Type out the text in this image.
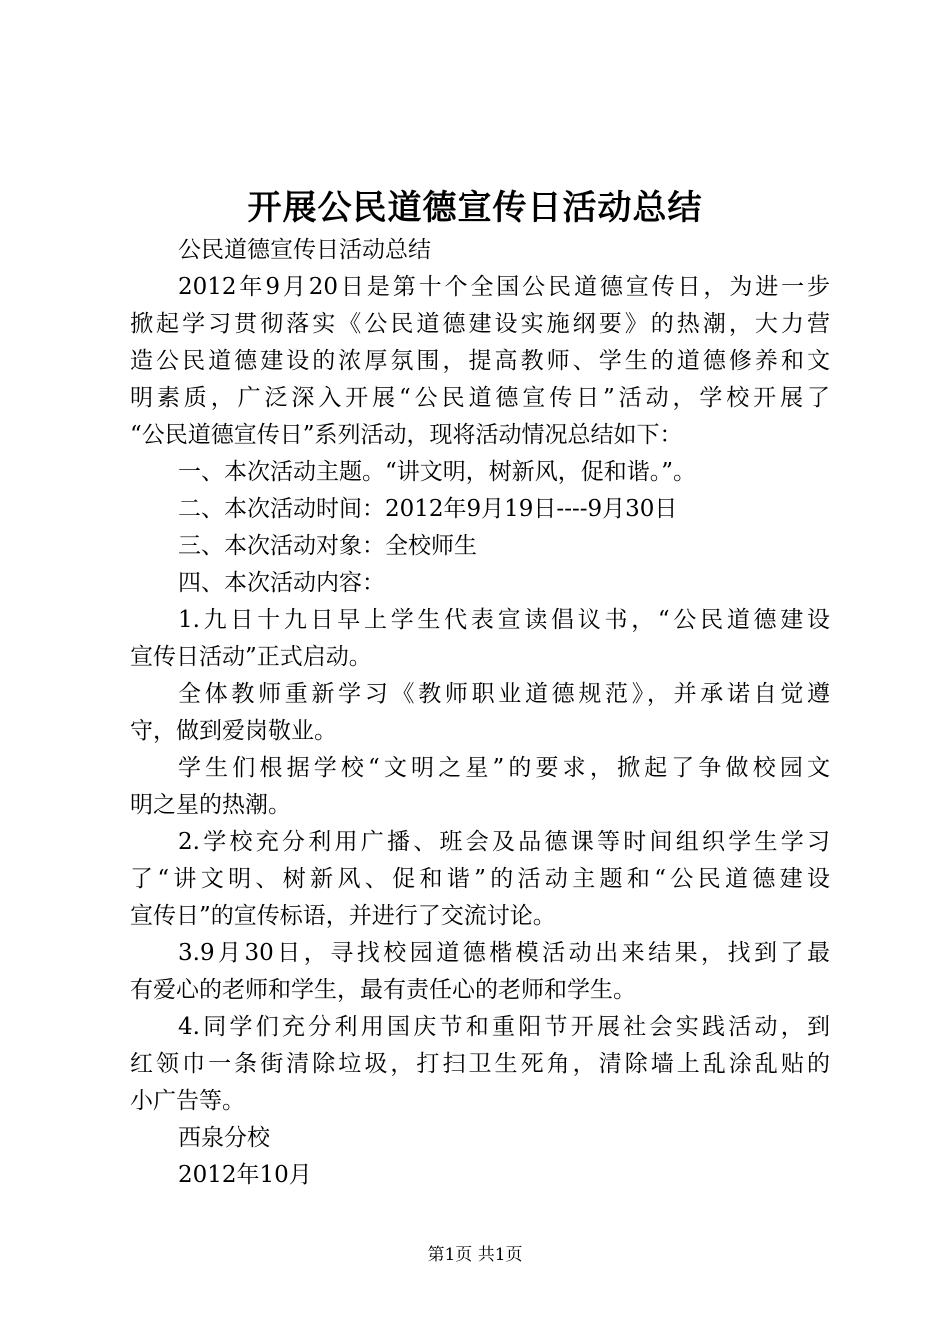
开展公民道德宣传日活动总结
公民道德宣传日活动总结
2012年9月20日是第十个全国公民道德宣传日，为进一步
掀起学习贯彻落实《公民道德建设实施纲要》的热潮，大力营
造公民道德建设的浓厚氛围，提高教师、学生的道德修养和文
明素质，广泛深入开展“公民道德宣传日”活动，学校开展了
“公民道德宣传日”系列活动，现将活动情况总结如下：
一、本次活动主题。“讲文明，树新风，促和谐。”。
二、本次活动时间：2012年9月19日----9月30日
三、本次活动对象：全校师生
四、本次活动内容：
1.九日十九日早上学生代表宣读倡议书，“公民道德建设
宣传日活动”正式启动。
全体教师重新学习《教师职业道德规范》，并承诺自觉遵
守，做到爱岗敬业。
学生们根据学校“文明之星”的要求，掀起了争做校园文
明之星的热潮。
2.学校充分利用广播、班会及品德课等时间组织学生学习
了“讲文明、树新风、促和谐”的活动主题和“公民道德建设
宣传日”的宣传标语，并进行了交流讨论。
3.9月30日，寻找校园道德楷模活动出来结果，找到了最
有爱心的老师和学生，最有责任心的老师和学生。
4.同学们充分利用国庆节和重阳节开展社会实践活动，到
红领巾一条街清除垃圾，打扫卫生死角，清除墙上乱涂乱贴的
小广告等。
西泉分校
2012年10月
第1页 共1页
